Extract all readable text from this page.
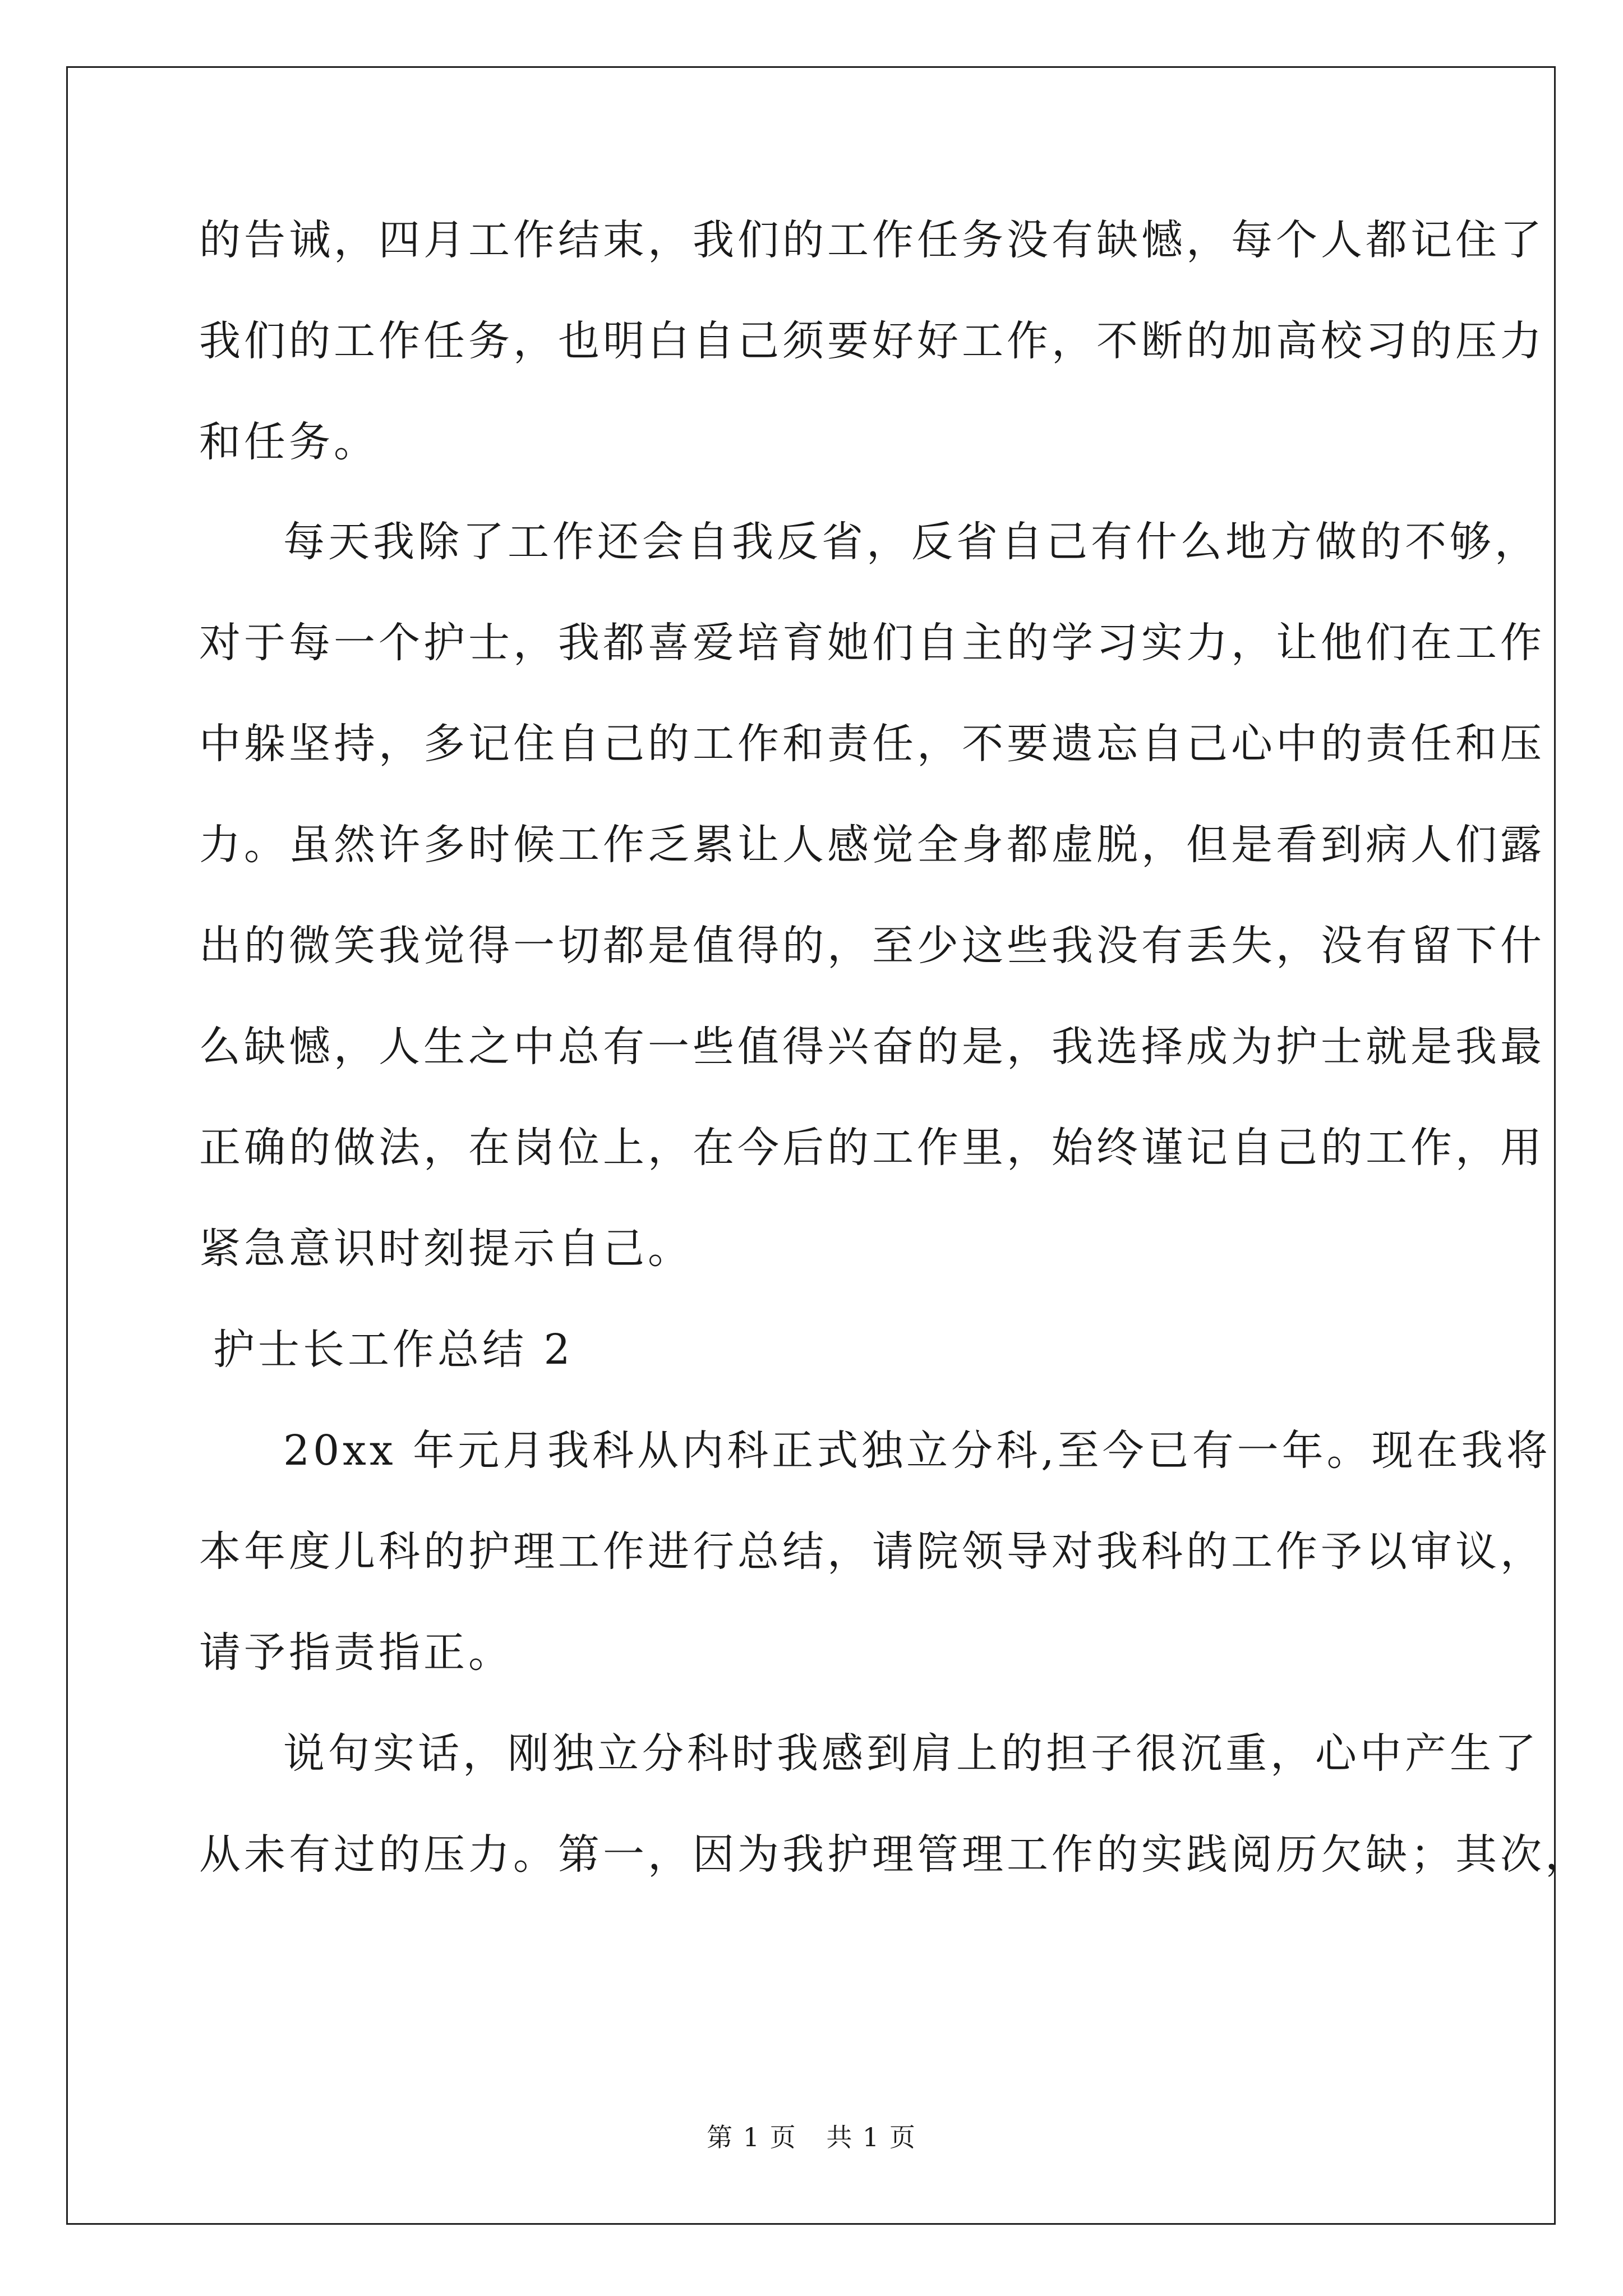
的告诫，四月工作结束，我们的工作任务没有缺憾，每个人都记住了
我们的工作任务，也明白自己须要好好工作，不断的加高校习的压力
和任务。
每天我除了工作还会自我反省，反省自己有什么地方做的不够，
对于每一个护士，我都喜爱培育她们自主的学习实力，让他们在工作
中躲坚持，多记住自己的工作和责任，不要遗忘自己心中的责任和压
力。虽然许多时候工作乏累让人感觉全身都虚脱，但是看到病人们露
出的微笑我觉得一切都是值得的，至少这些我没有丢失，没有留下什
么缺憾，人生之中总有一些值得兴奋的是，我选择成为护士就是我最
正确的做法，在岗位上，在今后的工作里，始终谨记自己的工作，用
紧急意识时刻提示自己。
护士长工作总结 2
20xx 年元月我科从内科正式独立分科,至今已有一年。现在我将
本年度儿科的护理工作进行总结，请院领导对我科的工作予以审议，
请予指责指正。
说句实话，刚独立分科时我感到肩上的担子很沉重，心中产生了
从未有过的压力。第一，因为我护理管理工作的实践阅历欠缺；其次，
第 1 页 共 1 页
